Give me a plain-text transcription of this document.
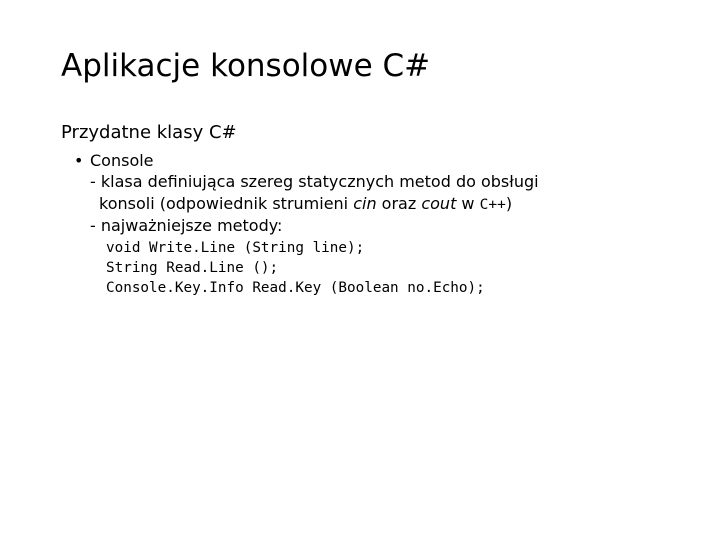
Aplikacje konsolowe C#
Przydatne klasy C#
• Console
- klasa definiująca szereg statycznych metod do obsługi
konsoli (odpowiednik strumieni cin oraz cout w C++)
- najważniejsze metody:
void Write.Line (String line);
String Read.Line ();
Console.Key.Info Read.Key (Boolean no.Echo);
